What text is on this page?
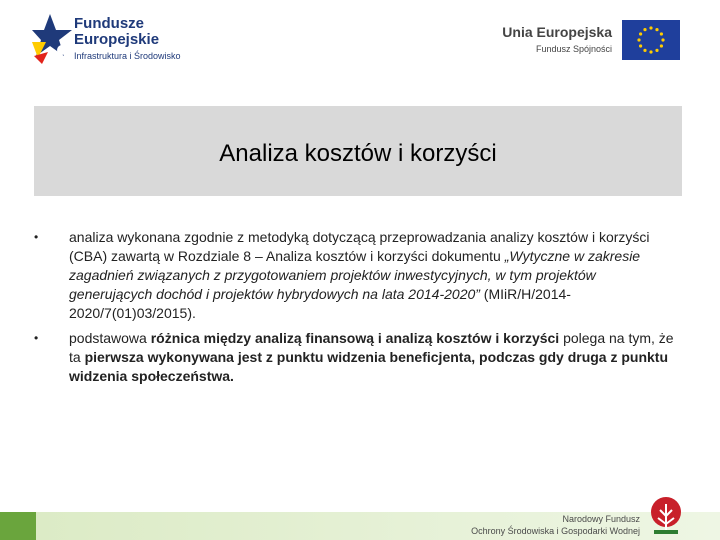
Fundusze
Europejskie
Infrastruktura i Środowisko
Unia Europejska
Fundusz Spójności
Analiza kosztów i korzyści
• analiza wykonana zgodnie z metodyką dotyczącą przeprowadzania analizy kosztów i korzyści (CBA) zawartą w Rozdziale 8 – Analiza kosztów i korzyści dokumentu „Wytyczne w zakresie zagadnień związanych z przygotowaniem projektów inwestycyjnych, w tym projektów generujących dochód i projektów hybrydowych na lata 2014-2020” (MIiR/H/2014-2020/7(01)03/2015).
• podstawowa różnica między analizą finansową i analizą kosztów i korzyści polega na tym, że ta pierwsza wykonywana jest z punktu widzenia beneficjenta, podczas gdy druga z punktu widzenia społeczeństwa.
Narodowy Fundusz
Ochrony Środowiska i Gospodarki Wodnej
